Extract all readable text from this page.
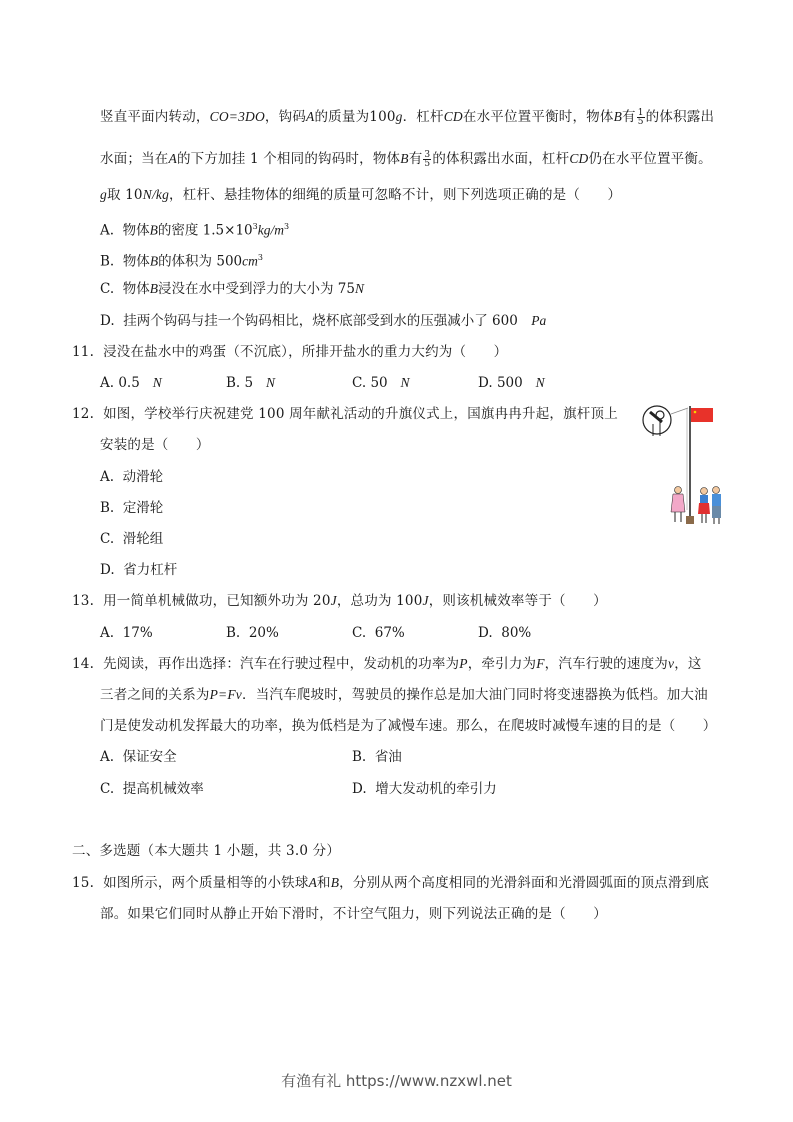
竖直平面内转动，CO=3DO，钩码A的质量为100g．杠杆CD在水平位置平衡时，物体B有 $\frac{1}{5}$ 的体积露出
水面；当在A的下方加挂 1 个相同的钩码时，物体B有 $\frac{3}{5}$ 的体积露出水面，杠杆CD仍在水平位置平衡。
g取 10N/kg，杠杆、悬挂物体的细绳的质量可忽略不计，则下列选项正确的是（　　）
A. 物体B的密度 $1.5\times 10^3kg/m^3$
B. 物体B的体积为 $500cm^3$
C. 物体B浸没在水中受到浮力的大小为 75N
D. 挂两个钩码与挂一个钩码相比，烧杯底部受到水的压强减小了 600　Pa
11. 浸没在盐水中的鸡蛋（不沉底），所排开盐水的重力大约为（　　）
A. 0.5 N	B. 5 N	C. 50 N	D. 500 N
12. 如图，学校举行庆祝建党 100 周年献礼活动的升旗仪式上，国旗冉冉升起，旗杆顶上
安装的是（　　）
A. 动滑轮
B. 定滑轮
C. 滑轮组
D. 省力杠杆
13. 用一简单机械做功，已知额外功为 20J，总功为 100J，则该机械效率等于（　　）
A. 17%	B. 20%	C. 67%	D. 80%
14. 先阅读，再作出选择：汽车在行驶过程中，发动机的功率为P，牵引力为F，汽车行驶的速度为v，这
三者之间的关系为P=Fv．当汽车爬坡时，驾驶员的操作总是加大油门同时将变速器换为低档。加大油
门是使发动机发挥最大的功率，换为低档是为了减慢车速。那么，在爬坡时减慢车速的目的是（　　）
A. 保证安全	B. 省油
C. 提高机械效率	D. 增大发动机的牵引力
二、多选题（本大题共 1 小题，共 3.0 分）
15. 如图所示，两个质量相等的小铁球A和B，分别从两个高度相同的光滑斜面和光滑圆弧面的顶点滑到底
部。如果它们同时从静止开始下滑时，不计空气阻力，则下列说法正确的是（　　）
有渔有礼 https://www.nzxwl.net
